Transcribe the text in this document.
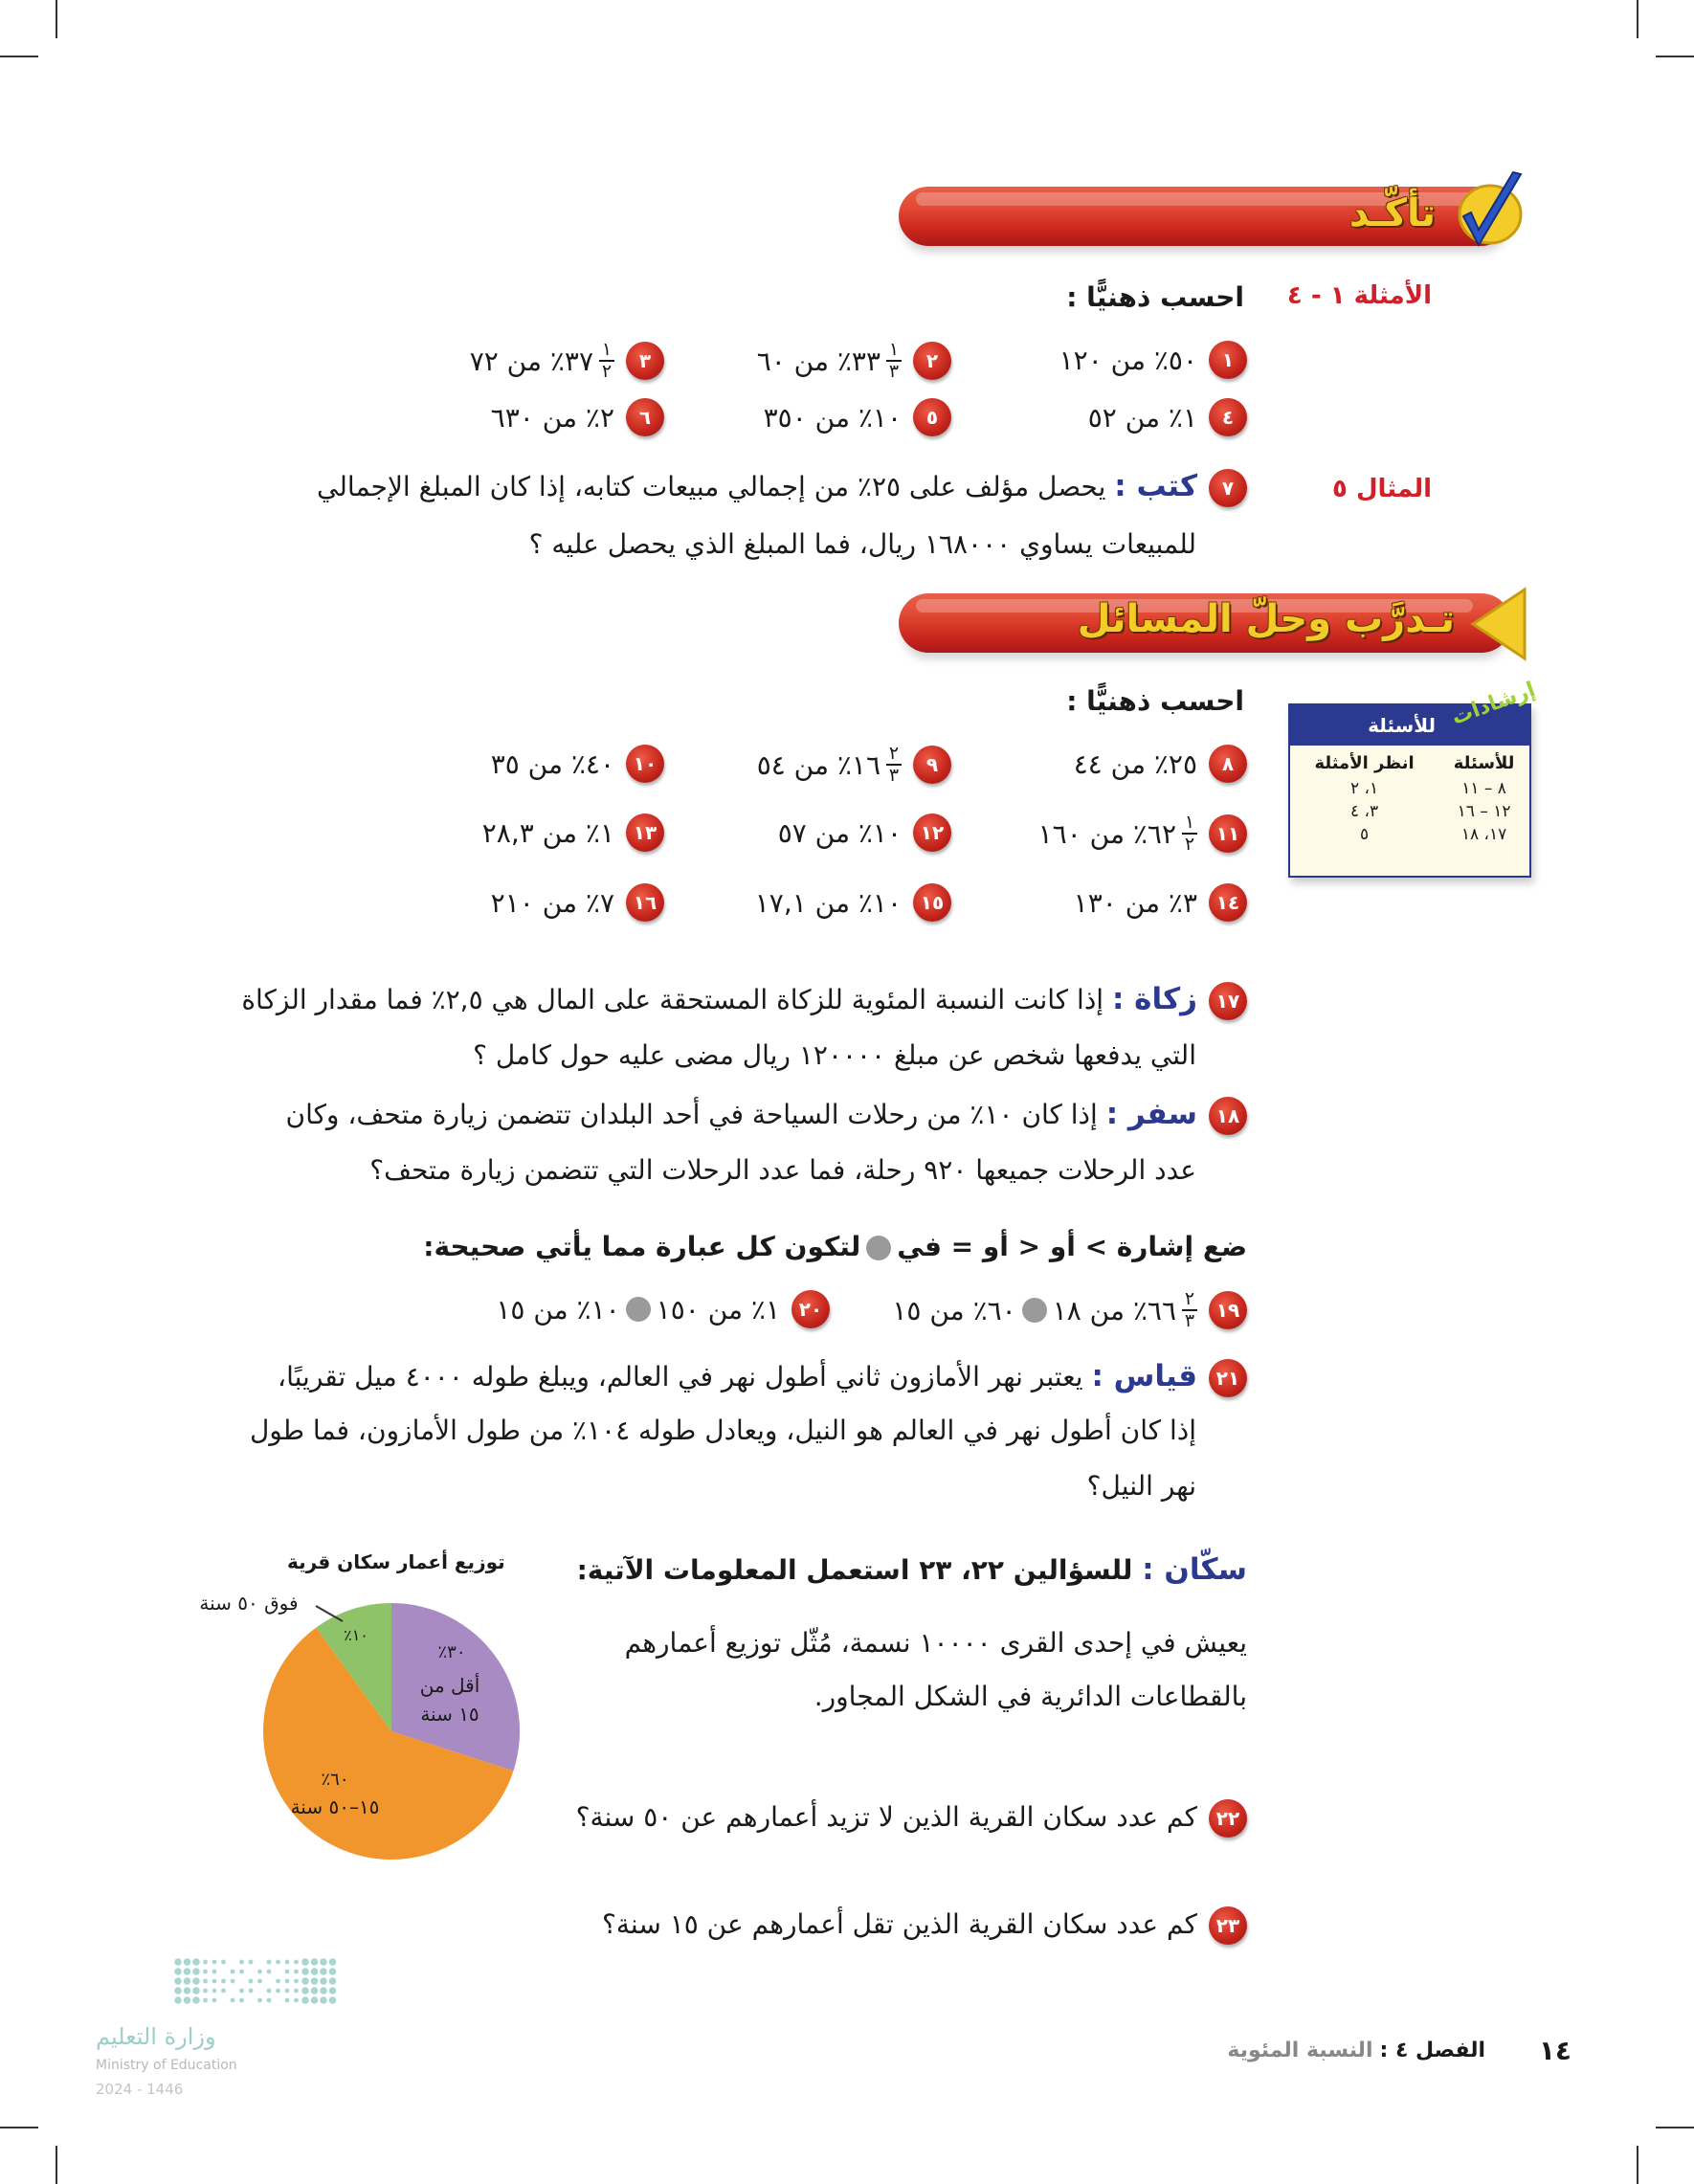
تأكّـد
الأمثلة ١ - ٤
احسب ذهنيًّا :
١
٥٠٪ من ١٢٠
٢
$\frac{١}{٣}$
٣٣٪ من ٦٠
٣
$\frac{١}{٢}$
٣٧٪ من ٧٢
٤
١٪ من ٥٢
٥
١٠٪ من ٣٥٠
٦
٢٪ من ٦٣٠
المثال ٥
٧كتب : يحصل مؤلف على ٢٥٪ من إجمالي مبيعات كتابه، إذا كان المبلغ الإجمالي
للمبيعات يساوي ١٦٨٠٠٠ ريال، فما المبلغ الذي يحصل عليه ؟
تـدرَّب وحلّ المسائل
احسب ذهنيًّا :	إرشادات
للأسئلة
للأسئلة	انظر الأمثلة
٨ – ١١	١، ٢
١٢ – ١٦	٣، ٤
١٧، ١٨	٥
٨
٢٥٪ من ٤٤
٩
$\frac{٢}{٣}$
١٦٪ من ٥٤
١٠
٤٠٪ من ٣٥
١١
$\frac{١}{٢}$
٦٢٪ من ١٦٠
١٢
١٠٪ من ٥٧
١٣
١٪ من ٢٨,٣
١٤
٣٪ من ١٣٠
١٥
١٠٪ من ١٧,١
١٦
٧٪ من ٢١٠
١٧زكاة : إذا كانت النسبة المئوية للزكاة المستحقة على المال هي ٢,٥٪ فما مقدار الزكاة
التي يدفعها شخص عن مبلغ ١٢٠٠٠٠ ريال مضى عليه حول كامل ؟
١٨سفر : إذا كان ١٠٪ من رحلات السياحة في أحد البلدان تتضمن زيارة متحف، وكان
عدد الرحلات جميعها ٩٢٠ رحلة، فما عدد الرحلات التي تتضمن زيارة متحف؟
ضع إشارة > أو < أو = فيلتكون كل عبارة مما يأتي صحيحة:
١٩
$\frac{٢}{٣}$
٦٦٪ من ١٨
٦٠٪ من ١٥
٢٠
١٪ من ١٥٠
١٠٪ من ١٥
٢١قياس : يعتبر نهر الأمازون ثاني أطول نهر في العالم، ويبلغ طوله ٤٠٠٠ ميل تقريبًا،
إذا كان أطول نهر في العالم هو النيل، ويعادل طوله ١٠٤٪ من طول الأمازون، فما طول
نهر النيل؟
سكّان : للسؤالين ٢٢، ٢٣ استعمل المعلومات الآتية:
يعيش في إحدى القرى ١٠٠٠٠ نسمة، مُثّل توزيع أعمارهم
بالقطاعات الدائرية في الشكل المجاور.
٢٢كم عدد سكان القرية الذين لا تزيد أعمارهم عن ٥٠ سنة؟
٢٣كم عدد سكان القرية الذين تقل أعمارهم عن ١٥ سنة؟
توزيع أعمار سكان قرية
٣٠٪
أقل من
١٥ سنة
٦٠٪
١٥–٥٠ سنة
١٠٪
فوق ٥٠ سنة
١٤
الفصل ٤ : النسبة المئوية
وزارة التعليم
Ministry of Education
2024 - 1446
